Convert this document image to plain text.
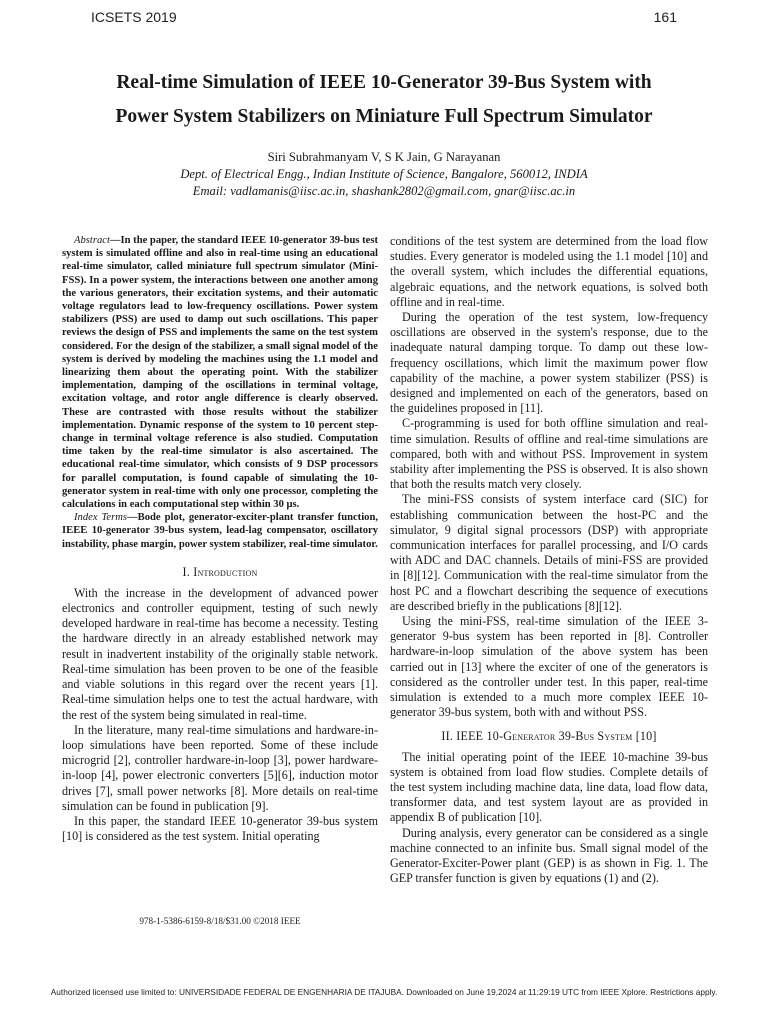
ICSETS 2019	161
Real-time Simulation of IEEE 10-Generator 39-Bus System with
Power System Stabilizers on Miniature Full Spectrum Simulator
Siri Subrahmanyam V, S K Jain, G Narayanan
Dept. of Electrical Engg., Indian Institute of Science, Bangalore, 560012, INDIA
Email: vadlamanis@iisc.ac.in, shashank2802@gmail.com, gnar@iisc.ac.in

Abstract—In the paper, the standard IEEE 10-generator 39-bus test system is simulated offline and also in real-time using an educational real-time simulator, called miniature full spectrum simulator (Mini-FSS). In a power system, the interactions between one another among the various generators, their excitation systems, and their automatic voltage regulators lead to low-frequency oscillations. Power system stabilizers (PSS) are used to damp out such oscillations. This paper reviews the design of PSS and implements the same on the test system considered. For the design of the stabilizer, a small signal model of the system is derived by modeling the machines using the 1.1 model and linearizing them about the operating point. With the stabilizer implementation, damping of the oscillations in terminal voltage, excitation voltage, and rotor angle difference is clearly observed. These are contrasted with those results without the stabilizer implementation. Dynamic response of the system to 10 percent step-change in terminal voltage reference is also studied. Computation time taken by the real-time simulator is also ascertained. The educational real-time simulator, which consists of 9 DSP processors for parallel computation, is found capable of simulating the 10-generator system in real-time with only one processor, completing the calculations in each computational step within 30 μs.

Index Terms—Bode plot, generator-exciter-plant transfer function, IEEE 10-generator 39-bus system, lead-lag compensator, oscillatory instability, phase margin, power system stabilizer, real-time simulator.

I. Introduction

With the increase in the development of advanced power electronics and controller equipment, testing of such newly developed hardware in real-time has become a necessity. Testing the hardware directly in an already established network may result in inadvertent instability of the originally stable network. Real-time simulation has been proven to be one of the feasible and viable solutions in this regard over the recent years [1]. Real-time simulation helps one to test the actual hardware, with the rest of the system being simulated in real-time.

In the literature, many real-time simulations and hardware-in-loop simulations have been reported. Some of these include microgrid [2], controller hardware-in-loop [3], power hardware-in-loop [4], power electronic converters [5][6], induction motor drives [7], small power networks [8]. More details on real-time simulation can be found in publication [9].

In this paper, the standard IEEE 10-generator 39-bus system [10] is considered as the test system. Initial operating

conditions of the test system are determined from the load flow studies. Every generator is modeled using the 1.1 model [10] and the overall system, which includes the differential equations, algebraic equations, and the network equations, is solved both offline and in real-time.

During the operation of the test system, low-frequency oscillations are observed in the system's response, due to the inadequate natural damping torque. To damp out these low-frequency oscillations, which limit the maximum power flow capability of the machine, a power system stabilizer (PSS) is designed and implemented on each of the generators, based on the guidelines proposed in [11].

C-programming is used for both offline simulation and real-time simulation. Results of offline and real-time simulations are compared, both with and without PSS. Improvement in system stability after implementing the PSS is observed. It is also shown that both the results match very closely.

The mini-FSS consists of system interface card (SIC) for establishing communication between the host-PC and the simulator, 9 digital signal processors (DSP) with appropriate communication interfaces for parallel processing, and I/O cards with ADC and DAC channels. Details of mini-FSS are provided in [8][12]. Communication with the real-time simulator from the host PC and a flowchart describing the sequence of executions are described briefly in the publications [8][12].

Using the mini-FSS, real-time simulation of the IEEE 3-generator 9-bus system has been reported in [8]. Controller hardware-in-loop simulation of the above system has been carried out in [13] where the exciter of one of the generators is considered as the controller under test. In this paper, real-time simulation is extended to a much more complex IEEE 10-generator 39-bus system, both with and without PSS.

II. IEEE 10-Generator 39-Bus System [10]

The initial operating point of the IEEE 10-machine 39-bus system is obtained from load flow studies. Complete details of the test system including machine data, line data, load flow data, transformer data, and test system layout are as provided in appendix B of publication [10].

During analysis, every generator can be considered as a single machine connected to an infinite bus. Small signal model of the Generator-Exciter-Power plant (GEP) is as shown in Fig. 1. The GEP transfer function is given by equations (1) and (2).

978-1-5386-6159-8/18/$31.00 ©2018 IEEE
Authorized licensed use limited to: UNIVERSIDADE FEDERAL DE ENGENHARIA DE ITAJUBA. Downloaded on June 19,2024 at 11:29:19 UTC from IEEE Xplore. Restrictions apply.
